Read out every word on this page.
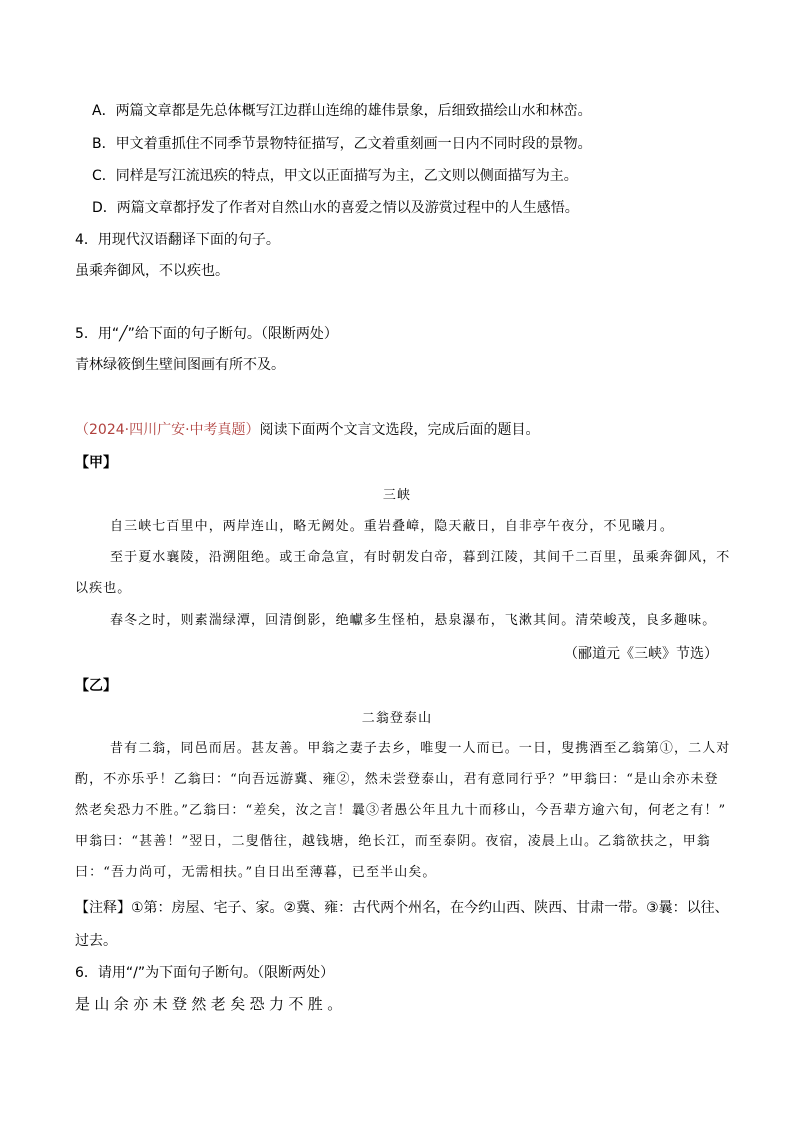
A．两篇文章都是先总体概写江边群山连绵的雄伟景象，后细致描绘山水和林峦。
B．甲文着重抓住不同季节景物特征描写，乙文着重刻画一日内不同时段的景物。
C．同样是写江流迅疾的特点，甲文以正面描写为主，乙文则以侧面描写为主。
D．两篇文章都抒发了作者对自然山水的喜爱之情以及游赏过程中的人生感悟。
4．用现代汉语翻译下面的句子。
虽乘奔御风，不以疾也。
5．用“╱”给下面的句子断句。（限断两处）
青林绿筱倒生壁间图画有所不及。
（2024·四川广安·中考真题）阅读下面两个文言文选段，完成后面的题目。
【甲】
三峡
自三峡七百里中，两岸连山，略无阙处。重岩叠嶂，隐天蔽日，自非亭午夜分，不见曦月。
至于夏水襄陵，沿溯阻绝。或王命急宣，有时朝发白帝，暮到江陵，其间千二百里，虽乘奔御风，不
以疾也。
春冬之时，则素湍绿潭，回清倒影，绝巘多生怪柏，悬泉瀑布，飞漱其间。清荣峻茂，良多趣味。
（郦道元《三峡》节选）
【乙】
二翁登泰山
昔有二翁，同邑而居。甚友善。甲翁之妻子去乡，唯叟一人而已。一日，叟携酒至乙翁第①，二人对
酌，不亦乐乎！乙翁曰：“向吾远游冀、雍②，然未尝登泰山，君有意同行乎？”甲翁曰：“是山余亦未登
然老矣恐力不胜。”乙翁曰：“差矣，汝之言！曩③者愚公年且九十而移山，今吾辈方逾六旬，何老之有！”
甲翁曰：“甚善！”翌日，二叟偕往，越钱塘，绝长江，而至泰阴。夜宿，凌晨上山。乙翁欲扶之，甲翁
曰：“吾力尚可，无需相扶。”自日出至薄暮，已至半山矣。
【注释】①第：房屋、宅子、家。②冀、雍：古代两个州名，在今约山西、陕西、甘肃一带。③曩：以往、
过去。
6．请用“/”为下面句子断句。（限断两处）
是山余亦未登然老矣恐力不胜。
